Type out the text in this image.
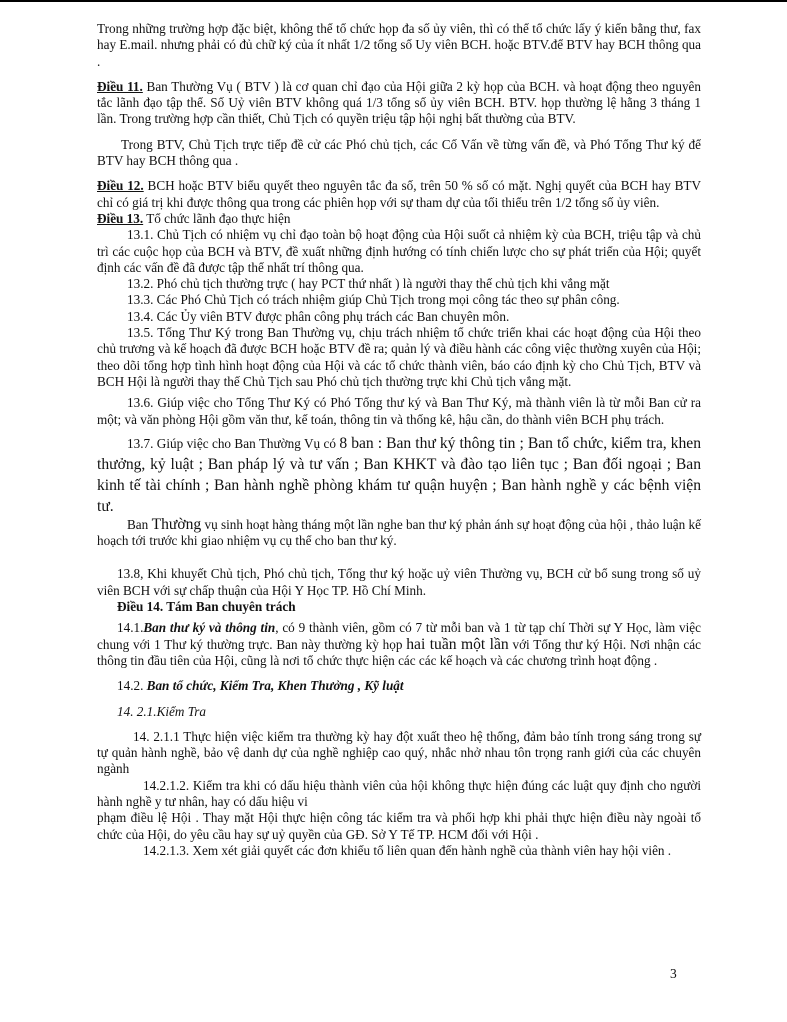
Trong những trường hợp đặc biệt, không thể tổ chức họp đa số ủy viên, thì có thể tổ chức lấy ý kiến bằng thư, fax hay E.mail. nhưng phải có đủ chữ ký của ít nhất 1/2 tổng số Uy viên BCH. hoặc BTV.để BTV hay BCH thông qua .

Điều 11. Ban Thường Vụ ( BTV ) là cơ quan chỉ đạo của Hội giữa 2 kỳ họp của BCH. và hoạt động theo nguyên tắc lãnh đạo tập thể. Số Uỷ viên BTV không quá 1/3 tổng số ủy viên BCH. BTV. họp thường lệ hằng 3 tháng 1 lần. Trong trường hợp cần thiết, Chủ Tịch có quyền triệu tập hội nghị bất thường của BTV.

Trong BTV, Chủ Tịch trực tiếp đề cử các Phó chủ tịch, các Cố Vấn về từng vấn đề, và Phó Tổng Thư ký để BTV hay BCH thông qua .

Điều 12. BCH hoặc BTV biểu quyết theo nguyên tắc đa số, trên 50 % số có mặt. Nghị quyết của BCH hay BTV chỉ có giá trị khi được thông qua trong các phiên họp với sự tham dự của tối thiểu trên 1/2 tổng số ủy viên.

Điều 13. Tổ chức lãnh đạo thực hiện

13.1. Chủ Tịch có nhiệm vụ chỉ đạo toàn bộ hoạt động của Hội suốt cả nhiệm kỳ của BCH, triệu tập và chủ trì các cuộc họp của BCH và BTV, đề xuất những định hướng có tính chiến lược cho sự phát triển của Hội; quyết định các vấn đề đã được tập thể nhất trí thông qua.

13.2. Phó chủ tịch thường trực ( hay PCT thứ nhất ) là người thay thế chủ tịch khi vắng mặt

13.3. Các Phó Chủ Tịch có trách nhiệm giúp Chủ Tịch trong mọi công tác theo sự phân công.

13.4. Các Ủy viên BTV được phân công phụ trách các Ban chuyên môn.

13.5. Tổng Thư Ký trong Ban Thường vụ, chịu trách nhiệm tổ chức triển khai các hoạt động của Hội theo chủ trương và kế hoạch đã được BCH hoặc BTV đề ra; quản lý và điều hành các công việc thường xuyên của Hội; theo dõi tổng hợp tình hình hoạt động của Hội và các tổ chức thành viên, báo cáo định kỳ cho Chủ Tịch, BTV và BCH Hội là người thay thế Chủ Tịch sau Phó chủ tịch thường trực khi Chủ tịch vắng mặt.

13.6. Giúp việc cho Tổng Thư Ký có Phó Tổng thư ký và Ban Thư Ký, mà thành viên là từ mỗi Ban cử ra một; và văn phòng Hội gồm văn thư, kế toán, thông tin và thống kê, hậu cần, do thành viên BCH phụ trách.

13.7. Giúp việc cho Ban Thường Vụ có 8 ban : Ban thư ký thông tin ; Ban tổ chức, kiểm tra, khen thưởng, kỷ luật ; Ban pháp lý và tư vấn ; Ban KHKT và đào tạo liên tục ; Ban đối ngoại ; Ban kinh tế tài chính ; Ban hành nghề phòng khám tư quận huyện ; Ban hành nghề y các bệnh viện tư.

Ban Thường vụ sinh hoạt hàng tháng một lần nghe ban thư ký phản ánh sự hoạt động của hội , thảo luận kế hoạch tới trước khi giao nhiệm vụ cụ thể cho ban thư ký.

13.8, Khi khuyết Chủ tịch, Phó chủ tịch, Tổng thư ký hoặc uỷ viên Thường vụ, BCH cử bổ sung trong số uỷ viên BCH với sự chấp thuận của Hội Y Học TP. Hồ Chí Minh.

Điều 14. Tám Ban chuyên trách

14.1.Ban thư ký và thông tin, có 9 thành viên, gồm có 7 từ mỗi ban và 1 từ tạp chí Thời sự Y Học, làm việc chung với 1 Thư ký thường trực. Ban này thường kỳ họp hai tuần một lần với Tổng thư ký Hội. Nơi nhận các thông tin đầu tiên của Hội, cũng là nơi tổ chức thực hiện các các kế hoạch và các chương trình hoạt động .

14.2. Ban tổ chức, Kiểm Tra, Khen Thưởng , Kỹ luật

14. 2.1.Kiểm Tra

14. 2.1.1 Thực hiện việc kiểm tra thường kỳ hay đột xuất theo hệ thống, đảm bảo tính trong sáng trong sự tự quản hành nghề, bảo vệ danh dự của nghề nghiệp cao quý, nhắc nhở nhau tôn trọng ranh giới của các chuyên ngành

14.2.1.2. Kiểm tra khi có dấu hiệu thành viên của hội không thực hiện đúng các luật quy định cho người hành nghề y tư nhân, hay có dấu hiệu vi

phạm điều lệ Hội . Thay mặt Hội thực hiện công tác kiểm tra và phối hợp khi phải thực hiện điều này ngoài tổ chức của Hội, do yêu cầu hay sự uỷ quyền của GĐ. Sở Y Tế TP. HCM đối với Hội .

14.2.1.3. Xem xét giải quyết các đơn khiếu tố liên quan đến hành nghề của thành viên hay hội viên .

3
